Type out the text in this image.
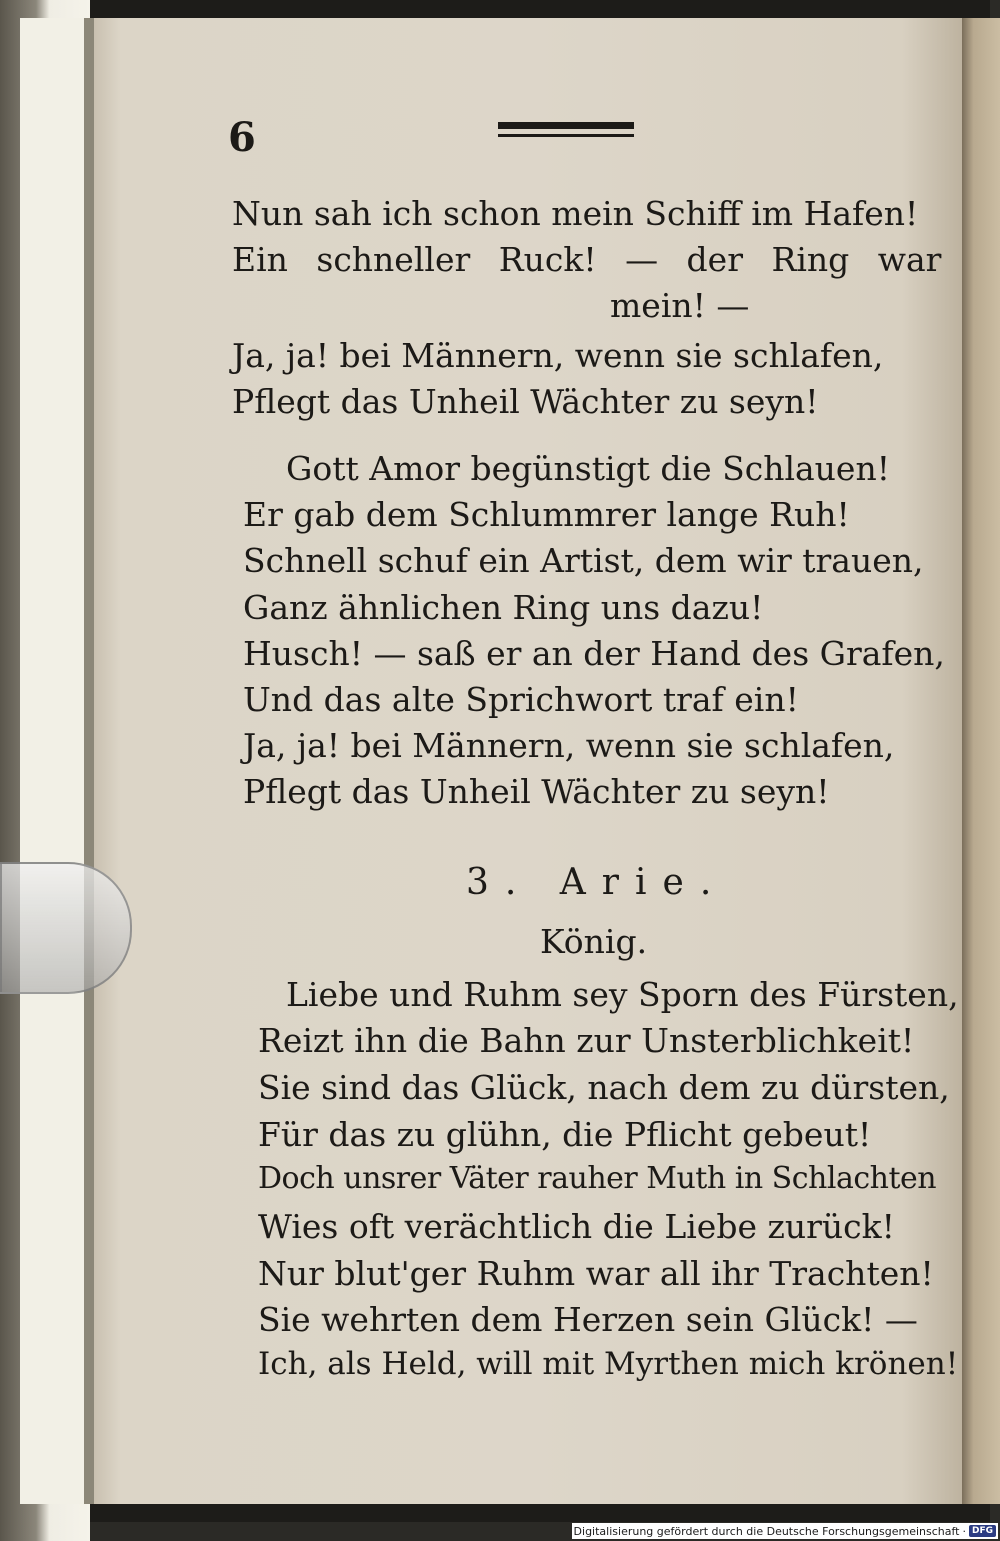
6
Nun sah ich schon mein Schiff im Hafen!
Ein schneller Ruck! — der Ring war
mein! —
Ja, ja! bei Männern, wenn sie schlafen,
Pflegt das Unheil Wächter zu seyn!
Gott Amor begünstigt die Schlauen!
Er gab dem Schlummrer lange Ruh!
Schnell schuf ein Artist, dem wir trauen,
Ganz ähnlichen Ring uns dazu!
Husch! — saß er an der Hand des Grafen,
Und das alte Sprichwort traf ein!
Ja, ja! bei Männern, wenn sie schlafen,
Pflegt das Unheil Wächter zu seyn!
3. Arie.
König.
Liebe und Ruhm sey Sporn des Fürsten,
Reizt ihn die Bahn zur Unsterblichkeit!
Sie sind das Glück, nach dem zu dürsten,
Für das zu glühn, die Pflicht gebeut!
Doch unsrer Väter rauher Muth in Schlachten
Wies oft verächtlich die Liebe zurück!
Nur blut'ger Ruhm war all ihr Trachten!
Sie wehrten dem Herzen sein Glück! —
Ich, als Held, will mit Myrthen mich krönen!
Digitalisierung gefördert durch die Deutsche Forschungsgemeinschaft · DFG
